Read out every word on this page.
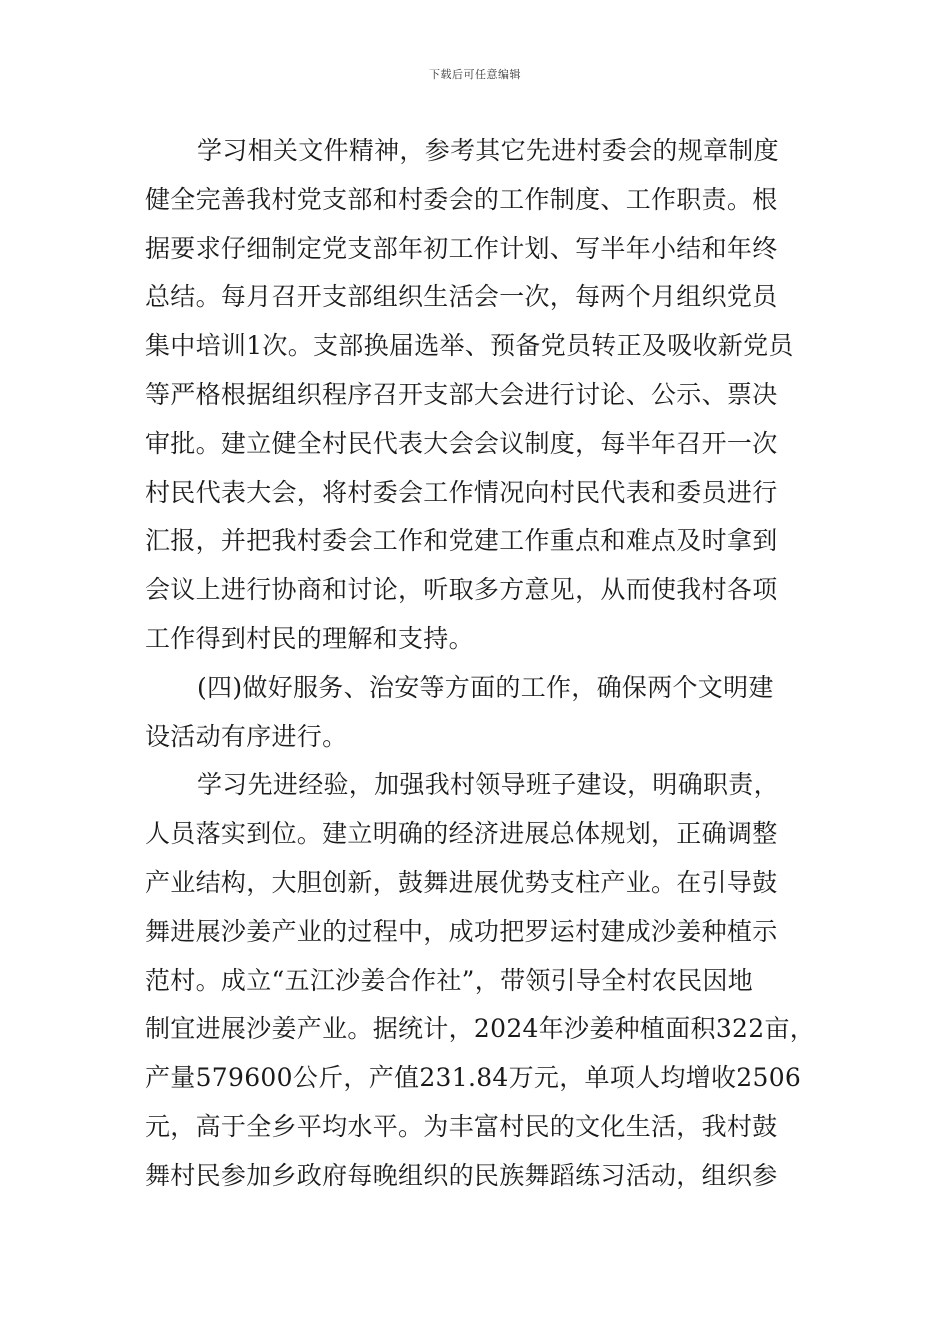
下载后可任意编辑
学习相关文件精神，参考其它先进村委会的规章制度
健全完善我村党支部和村委会的工作制度、工作职责。根
据要求仔细制定党支部年初工作计划、写半年小结和年终
总结。每月召开支部组织生活会一次，每两个月组织党员
集中培训1次。支部换届选举、预备党员转正及吸收新党员
等严格根据组织程序召开支部大会进行讨论、公示、票决
审批。建立健全村民代表大会会议制度，每半年召开一次
村民代表大会，将村委会工作情况向村民代表和委员进行
汇报，并把我村委会工作和党建工作重点和难点及时拿到
会议上进行协商和讨论，听取多方意见，从而使我村各项
工作得到村民的理解和支持。
(四)做好服务、治安等方面的工作，确保两个文明建
设活动有序进行。
学习先进经验，加强我村领导班子建设，明确职责，
人员落实到位。建立明确的经济进展总体规划，正确调整
产业结构，大胆创新，鼓舞进展优势支柱产业。在引导鼓
舞进展沙姜产业的过程中，成功把罗运村建成沙姜种植示
范村。成立“五江沙姜合作社”，带领引导全村农民因地
制宜进展沙姜产业。据统计，2024年沙姜种植面积322亩，
产量579600公斤，产值231.84万元，单项人均增收2506
元，高于全乡平均水平。为丰富村民的文化生活，我村鼓
舞村民参加乡政府每晚组织的民族舞蹈练习活动，组织参
